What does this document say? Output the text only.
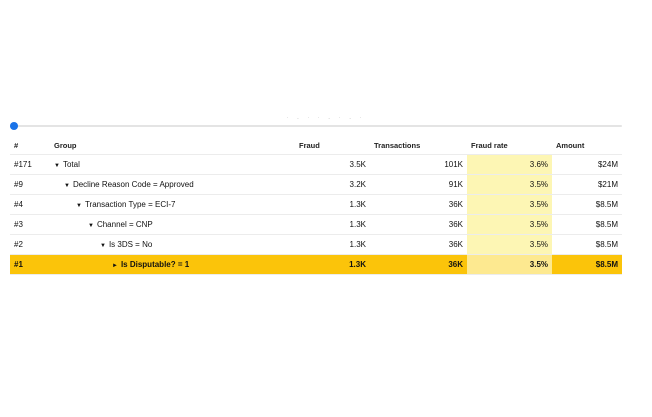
· - · · - · - ·
#	Group	Fraud	Transactions	Fraud rate	Amount
#171	▼ Total	3.5K	101K	3.6%	$24M
#9	▼ Decline Reason Code = Approved	3.2K	91K	3.5%	$21M
#4	▼ Transaction Type = ECI-7	1.3K	36K	3.5%	$8.5M
#3	▼ Channel = CNP	1.3K	36K	3.5%	$8.5M
#2	▼ Is 3DS = No	1.3K	36K	3.5%	$8.5M
#1	► Is Disputable? = 1	1.3K	36K	3.5%	$8.5M
